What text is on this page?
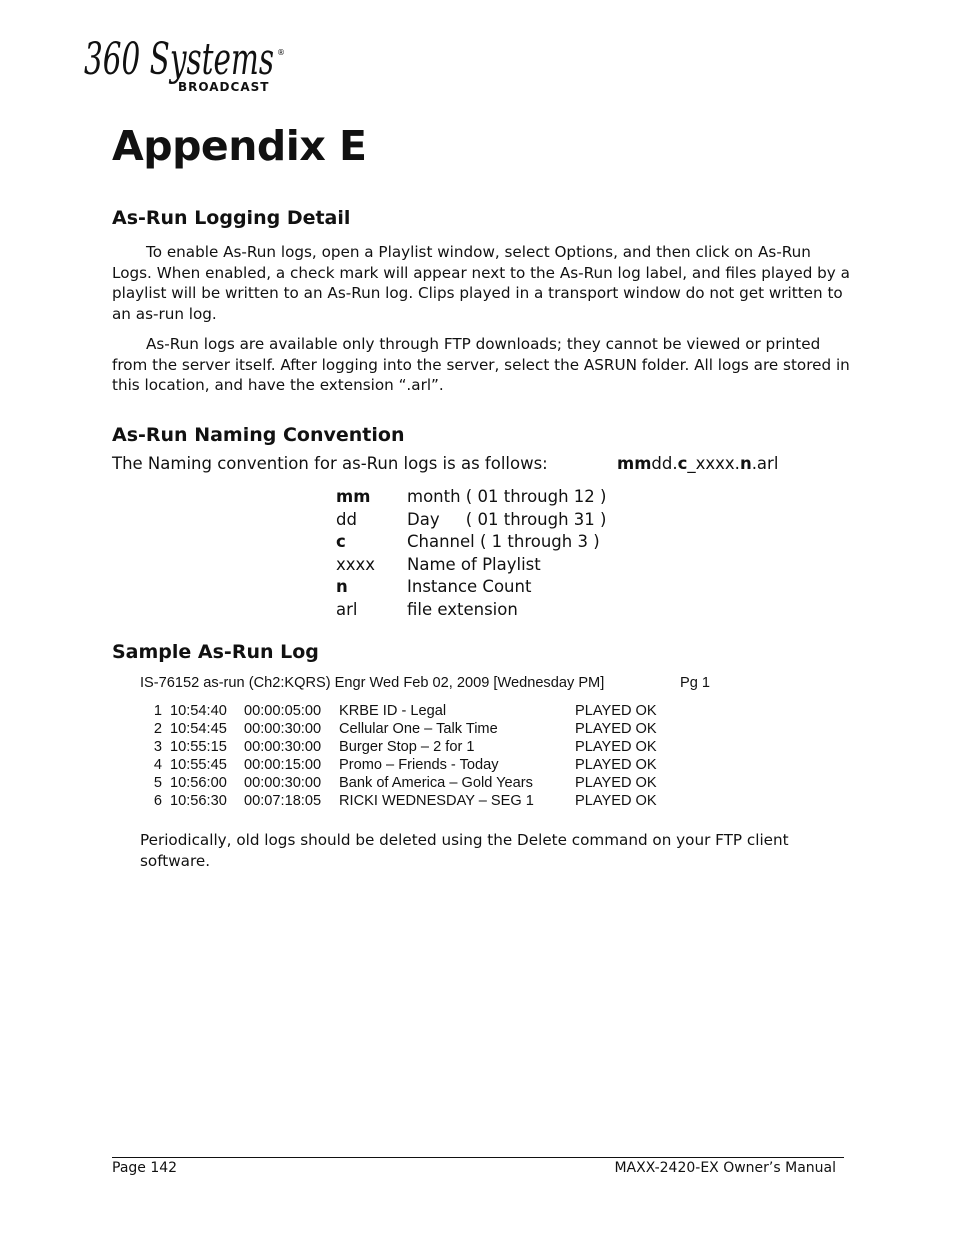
360 Systems ®
BROADCAST
Appendix E
As-Run Logging Detail

To enable As-Run logs, open a Playlist window, select Options, and then click on As-Run Logs. When enabled, a check mark will appear next to the As-Run log label, and files played by a playlist will be written to an As-Run log. Clips played in a transport window do not get written to an as-run log.

As-Run logs are available only through FTP downloads; they cannot be viewed or printed from the server itself. After logging into the server, select the ASRUN folder. All logs are stored in this location, and have the extension “.arl”.

As-Run Naming Convention
The Naming convention for as-Run logs is as follows:	mmdd.c_xxxx.n.arl
mm month ( 01 through 12 )
dd	Day     ( 01 through 31 )
c	Channel ( 1 through 3 )
xxxx Name of Playlist
n	Instance Count
arl	file extension
Sample As-Run Log
IS-76152 as-run (Ch2:KQRS) Engr Wed Feb 02, 2009 [Wednesday PM]	Pg 1
1 10:54:40 00:00:05:00 KRBE ID - Legal	PLAYED OK
2 10:54:45 00:00:30:00 Cellular One – Talk Time	PLAYED OK
3 10:55:15 00:00:30:00 Burger Stop – 2 for 1	PLAYED OK
4 10:55:45 00:00:15:00 Promo – Friends - Today	PLAYED OK
5 10:56:00 00:00:30:00 Bank of America – Gold Years	PLAYED OK
6 10:56:30 00:07:18:05 RICKI WEDNESDAY – SEG 1	PLAYED OK

Periodically, old logs should be deleted using the Delete command on your FTP client software.

Page 142	MAXX-2420-EX Owner’s Manual
